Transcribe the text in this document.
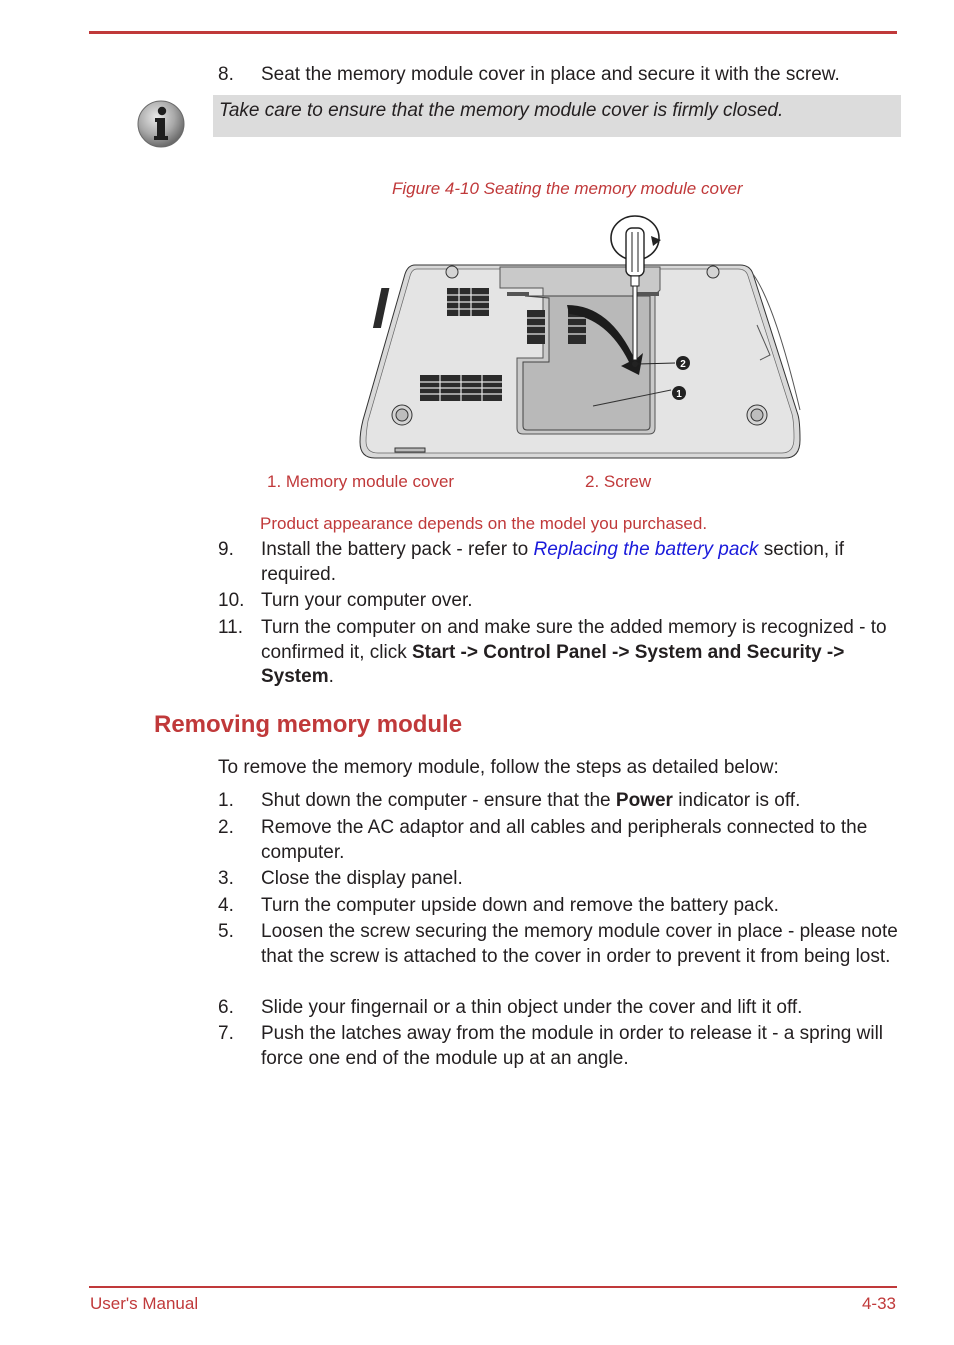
8. Seat the memory module cover in place and secure it with the screw.
Take care to ensure that the memory module cover is firmly closed.
Figure 4-10 Seating the memory module cover
2
1
1. Memory module cover	2. Screw
Product appearance depends on the model you purchased.
9. Install the battery pack - refer to Replacing the battery pack section, if required.
10. Turn your computer over.
11. Turn the computer on and make sure the added memory is recognized - to confirmed it, click Start -> Control Panel -> System and Security -> System.
Removing memory module
To remove the memory module, follow the steps as detailed below:
1. Shut down the computer - ensure that the Power indicator is off.
2. Remove the AC adaptor and all cables and peripherals connected to the computer.
3. Close the display panel.
4. Turn the computer upside down and remove the battery pack.
5. Loosen the screw securing the memory module cover in place - please note that the screw is attached to the cover in order to prevent it from being lost.
6. Slide your fingernail or a thin object under the cover and lift it off.
7. Push the latches away from the module in order to release it - a spring will force one end of the module up at an angle.
User's Manual	4-33
